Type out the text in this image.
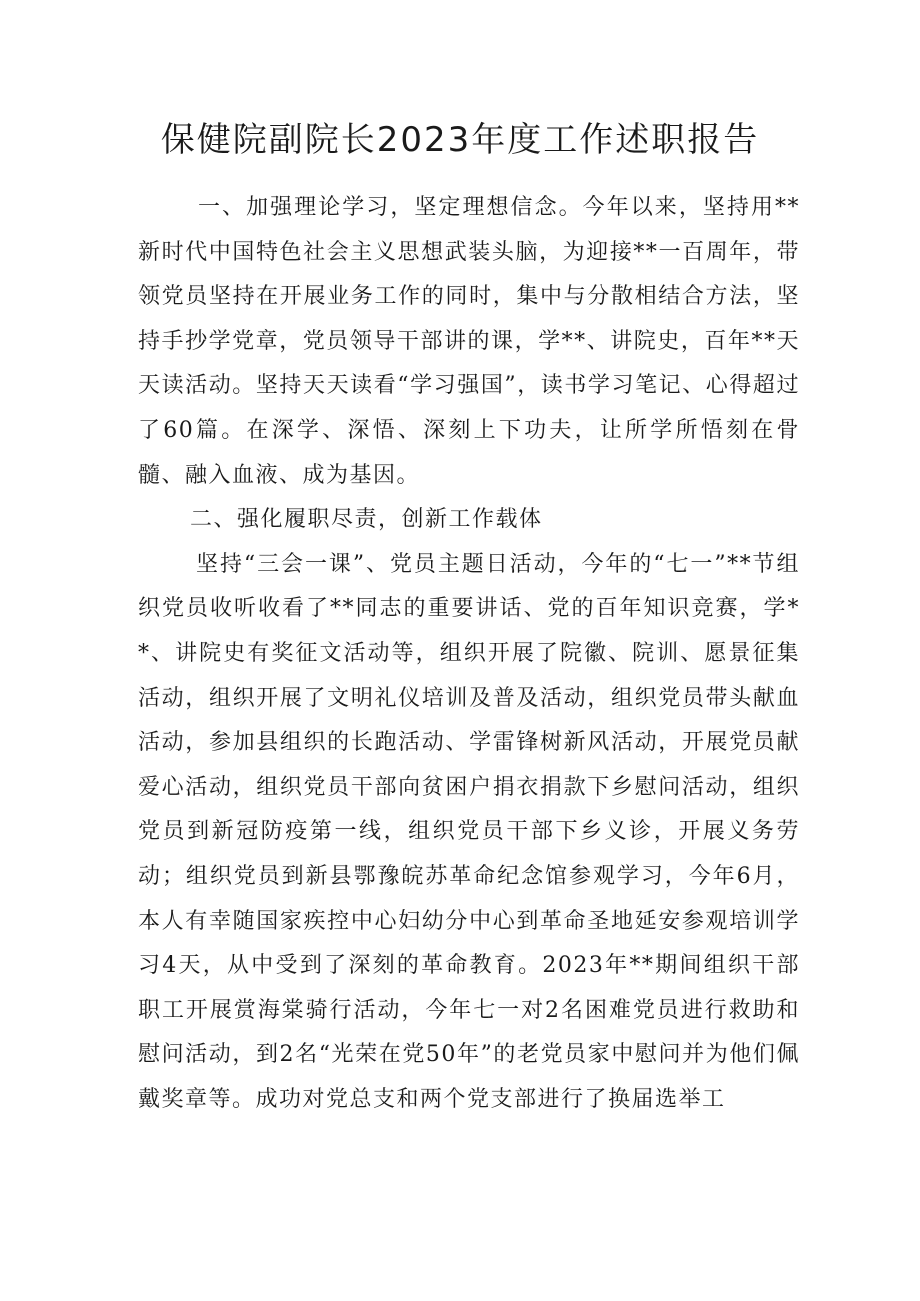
保健院副院长2023年度工作述职报告

一、加强理论学习，坚定理想信念。今年以来，坚持用**新时代中国特色社会主义思想武装头脑，为迎接**一百周年，带领党员坚持在开展业务工作的同时，集中与分散相结合方法，坚持手抄学党章，党员领导干部讲的课，学**、讲院史，百年**天天读活动。坚持天天读看“学习强国”，读书学习笔记、心得超过了60篇。在深学、深悟、深刻上下功夫，让所学所悟刻在骨髓、融入血液、成为基因。

二、强化履职尽责，创新工作载体

坚持“三会一课”、党员主题日活动，今年的“七一”**节组织党员收听收看了**同志的重要讲话、党的百年知识竞赛，学**、讲院史有奖征文活动等，组织开展了院徽、院训、愿景征集活动，组织开展了文明礼仪培训及普及活动，组织党员带头献血活动，参加县组织的长跑活动、学雷锋树新风活动，开展党员献爱心活动，组织党员干部向贫困户捐衣捐款下乡慰问活动，组织党员到新冠防疫第一线，组织党员干部下乡义诊，开展义务劳动；组织党员到新县鄂豫皖苏革命纪念馆参观学习，今年6月，本人有幸随国家疾控中心妇幼分中心到革命圣地延安参观培训学习4天，从中受到了深刻的革命教育。2023年**期间组织干部职工开展赏海棠骑行活动，今年七一对2名困难党员进行救助和慰问活动，到2名“光荣在党50年”的老党员家中慰问并为他们佩戴奖章等。成功对党总支和两个党支部进行了换届选举工
